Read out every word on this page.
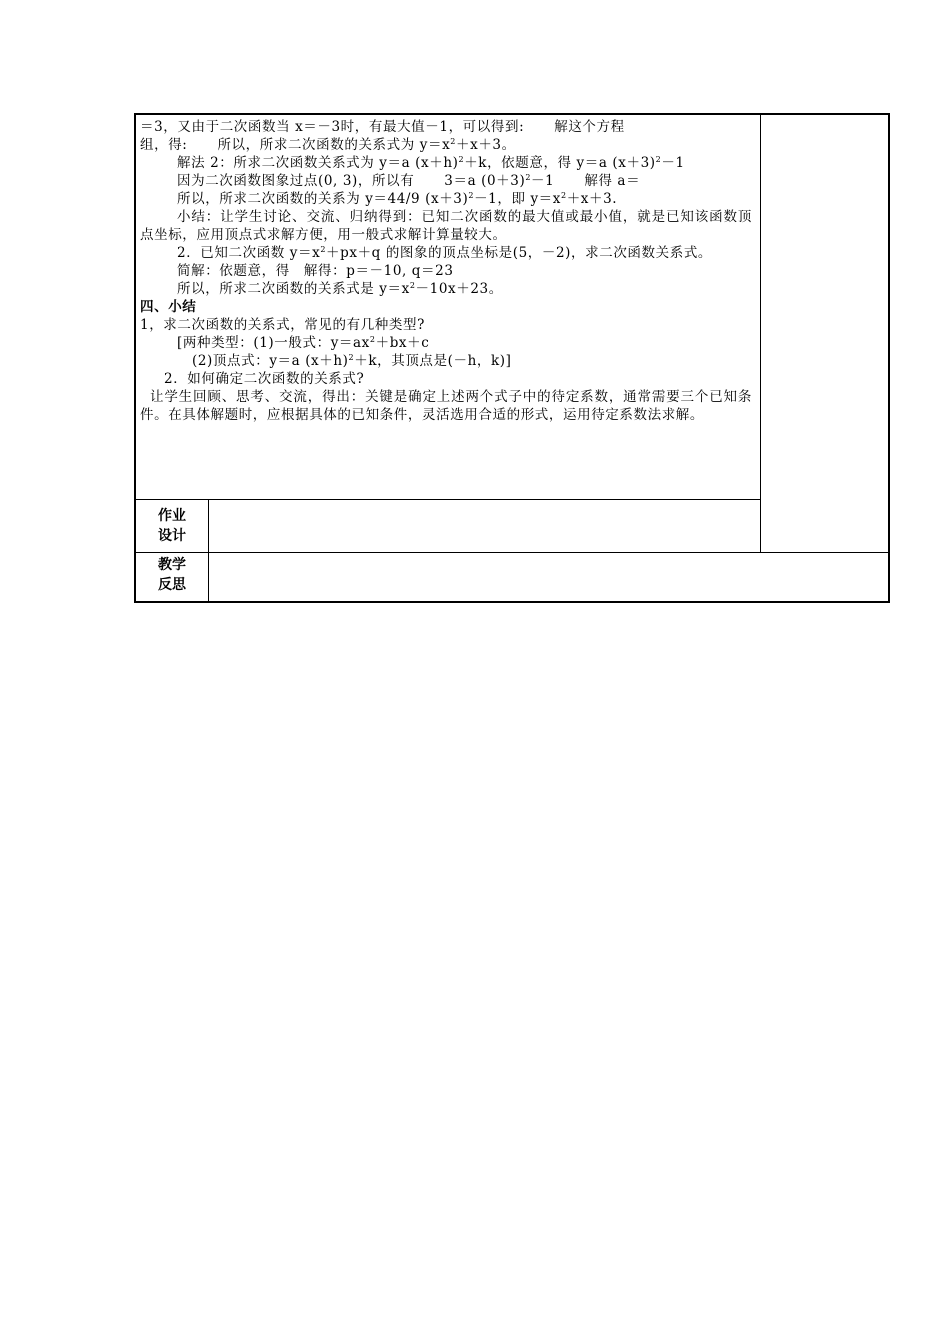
＝3，又由于二次函数当 x＝－3时，有最大值－1，可以得到: 解这个方程

组，得: 所以，所求二次函数的关系式为 $y=x^2+x+3$。

解法 2：所求二次函数关系式为 y＝a $(x+h)^2+k$，依题意，得 y＝a $(x+3)^2-1$

因为二次函数图象过点(0, 3)，所以有 3＝a $(0+3)^2-1$ 解得 a＝

所以，所求二次函数的关系为 y＝44/9 $(x+3)^2-1$，即 $y=x^2+x+3$.

小结：让学生讨论、交流、归纳得到：已知二次函数的最大值或最小值，就是已知该函数顶点坐标，应用顶点式求解方便，用一般式求解计算量较大。

2．已知二次函数 $y=x^2+px+q$ 的图象的顶点坐标是(5，－2)，求二次函数关系式。

简解：依题意，得　解得：p＝－10, q＝23

所以，所求二次函数的关系式是 $y=x^2-10x+23$。

四、小结

1，求二次函数的关系式，常见的有几种类型?

[两种类型：(1)一般式：$y=ax^2+bx+c$

(2)顶点式：y＝a $(x+h)^2+k$，其顶点是(－h，k)]

2．如何确定二次函数的关系式?

让学生回顾、思考、交流，得出：关键是确定上述两个式子中的待定系数，通常需要三个已知条件。在具体解题时，应根据具体的已知条件，灵活选用合适的形式，运用待定系数法求解。

作业
设计
教学
反思
